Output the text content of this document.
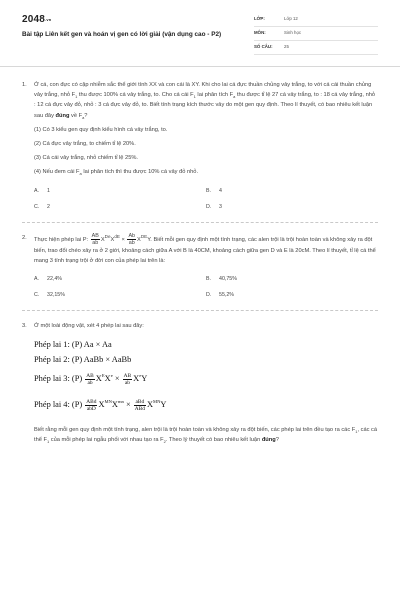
2048.vn
Bài tập Liên kết gen và hoán vị gen có lời giải (vận dụng cao - P2)
LỚP:	Lớp 12
MÔN:	Sinh học
SỐ CÂU:	25
1. Ở cá, con đực có cặp nhiễm sắc thể giới tính XX và con cái là XY. Khi cho lai cá đực thuần chủng vảy trắng, to với cá cái thuần chủng vảy trắng, nhỏ $F_1$ thu được 100% cá vảy trắng, to. Cho cá cái $F_1$ lai phân tích $F_a$ thu được tỉ lệ 27 cá vảy trắng, to : 18 cá vảy trắng, nhỏ : 12 cá đực vảy đỏ, nhỏ : 3 cá đực vảy đỏ, to. Biết tính trạng kích thước vảy do một gen quy định. Theo lí thuyết, có bao nhiêu kết luận sau đây đúng về $F_a$?

(1) Có 3 kiểu gen quy định kiểu hình cá vảy trắng, to.

(2) Cá đực vảy trắng, to chiếm tỉ lệ 20%.

(3) Cá cái vảy trắng, nhỏ chiếm tỉ lệ 25%.

(4) Nếu đem cái $F_a$ lai phân tích thì thu được 10% cá vảy đỏ nhỏ.

A. 1	B. 4
C. 2	D. 3
2. Thực hiện phép lai P: $\frac{AB}{ab} XDeXdE \times \frac{Ab}{ab} XDEY$. Biết mỗi gen quy định một tính trạng, các alen trội là trội hoàn toàn và không xảy ra đột biến, trao đổi chéo xảy ra ở 2 giới, khoảng cách giữa A với B là 40CM, khoảng cách giữa gen D và E là 20cM. Theo lí thuyết, tỉ lệ cá thể mang 3 tính trạng trội ở đời con của phép lai trên là:

A. 22,4%	B. 40,75%
C. 32,15%	D. 55,2%
3. Ở một loài động vật, xét 4 phép lai sau đây:

Phép lai 1: (P) Aa × Aa
Phép lai 2: (P) AaBb × AaBb
Phép lai 3: $(P) \frac{AB}{ab} X^EX^e \times \frac{AB}{ab} XeY$
Phép lai 4: $(P) \frac{\text{ABd}}{\text{abD}} X^{MN}X^{mn} \times \frac{\text{aBd}}{\text{ABd}} X^{MN}Y$

Biết rằng mỗi gen quy định một tính trạng, alen trội là trội hoàn toàn và không xảy ra đột biến, các phép lai trên đều tạo ra các $F_1$, các cá thể $F_1$ của mỗi phép lai ngẫu phối với nhau tạo ra $F_2$. Theo lý thuyết có bao nhiêu kết luận đúng?
